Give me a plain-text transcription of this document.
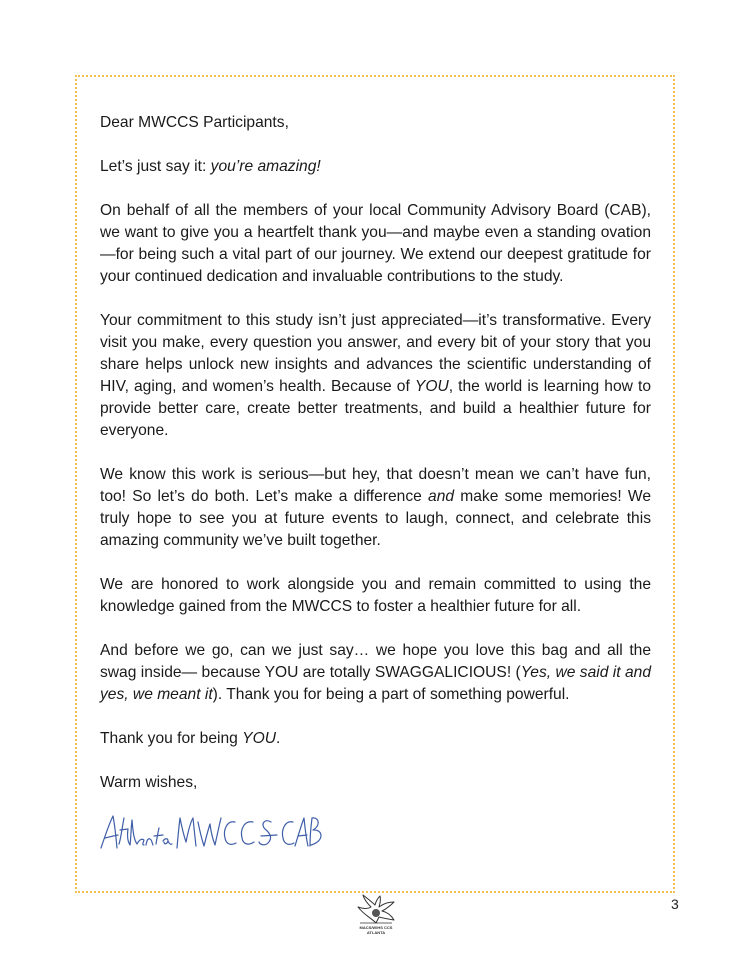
Dear MWCCS Participants,

Let’s just say it: you’re amazing!

On behalf of all the members of your local Community Advisory Board (CAB), we want to give you a heartfelt thank you—and maybe even a standing ovation—for being such a vital part of our journey. We extend our deepest gratitude for your continued dedication and invaluable contributions to the study.

Your commitment to this study isn’t just appreciated—it’s transformative. Every visit you make, every question you answer, and every bit of your story that you share helps unlock new insights and advances the scientific understanding of HIV, aging, and women’s health. Because of YOU, the world is learning how to provide better care, create better treatments, and build a healthier future for everyone.

We know this work is serious—but hey, that doesn’t mean we can’t have fun, too! So let’s do both. Let’s make a difference and make some memories! We truly hope to see you at future events to laugh, connect, and celebrate this amazing community we’ve built together.

We are honored to work alongside you and remain committed to using the knowledge gained from the MWCCS to foster a healthier future for all.

And before we go, can we just say… we hope you love this bag and all the swag inside— because YOU are totally SWAGGALICIOUS! (Yes, we said it and yes, we meant it). Thank you for being a part of something powerful.

Thank you for being YOU.

Warm wishes,

MACS/WIHS CCS
ATLANTA
3
